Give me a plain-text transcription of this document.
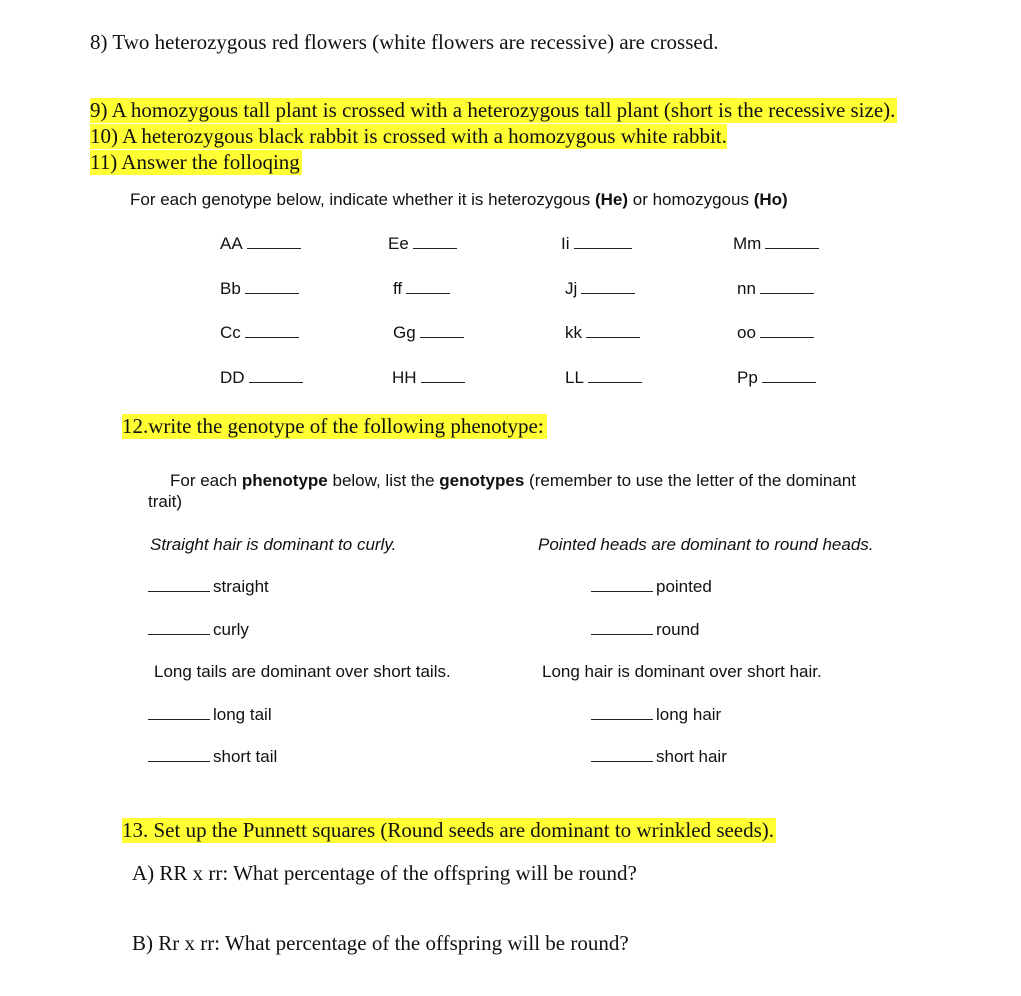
8) Two heterozygous red flowers (white flowers are recessive) are crossed.
9) A homozygous tall plant is crossed with a heterozygous tall plant (short is the recessive size).
10) A heterozygous black rabbit is crossed with a homozygous white rabbit.
11) Answer the folloqing
For each genotype below, indicate whether it is heterozygous (He) or homozygous (Ho)
AA	Ee	Ii	Mm
Bb	ff	Jj	nn
Cc	Gg	kk	oo
DD	HH	LL	Pp
12.write the genotype of the following phenotype:
For each phenotype below, list the genotypes (remember to use the letter of the dominant
trait)
Straight hair is dominant to curly.	Pointed heads are dominant to round heads.
straight	pointed
curly	round
Long tails are dominant over short tails.	Long hair is dominant over short hair.
long tail	long hair
short tail	short hair
13. Set up the Punnett squares (Round seeds are dominant to wrinkled seeds).
A) RR x rr: What percentage of the offspring will be round?
B) Rr x rr: What percentage of the offspring will be round?
